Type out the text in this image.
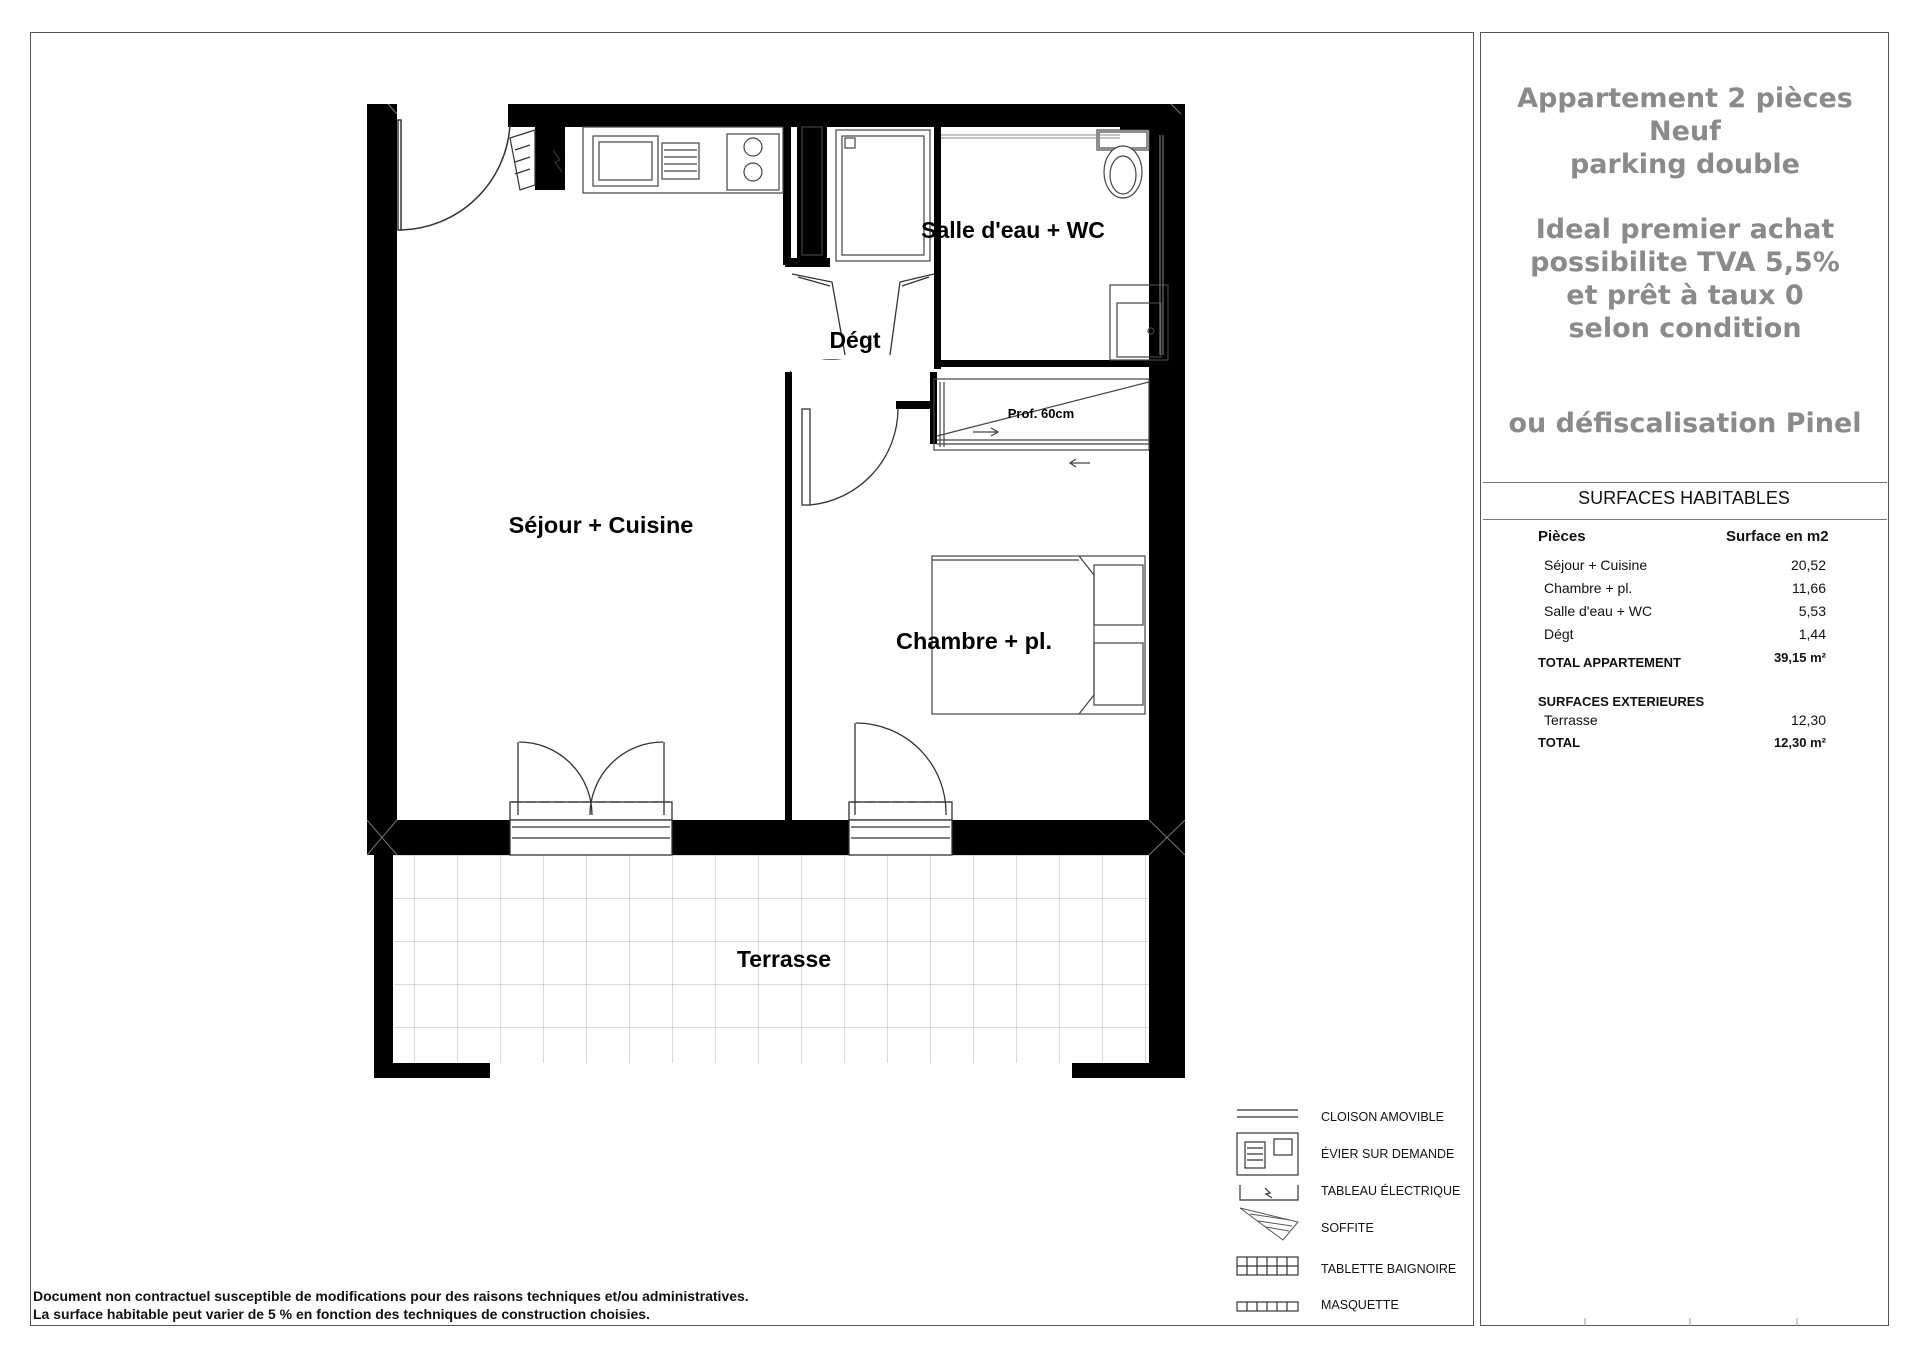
Séjour + Cuisine
Salle d'eau + WC
Dégt
Chambre + pl.
Terrasse
Prof. 60cm
Appartement 2 pièces
Neuf
parking double
Ideal premier achat
possibilite TVA 5,5%
et prêt à taux 0
selon condition
ou défiscalisation Pinel
SURFACES HABITABLES
Pièces	Surface en m2
Séjour + Cuisine	20,52
Chambre + pl.	11,66
Salle d'eau + WC	5,53
Dégt	1,44
TOTAL APPARTEMENT	39,15 m²
SURFACES EXTERIEURES
Terrasse	12,30
TOTAL	12,30 m²
CLOISON AMOVIBLE
ÉVIER SUR DEMANDE
TABLEAU ÉLECTRIQUE
SOFFITE
TABLETTE BAIGNOIRE
MASQUETTE
Document non contractuel susceptible de modifications pour des raisons techniques et/ou administratives.
La surface habitable peut varier de 5 % en fonction des techniques de construction choisies.
